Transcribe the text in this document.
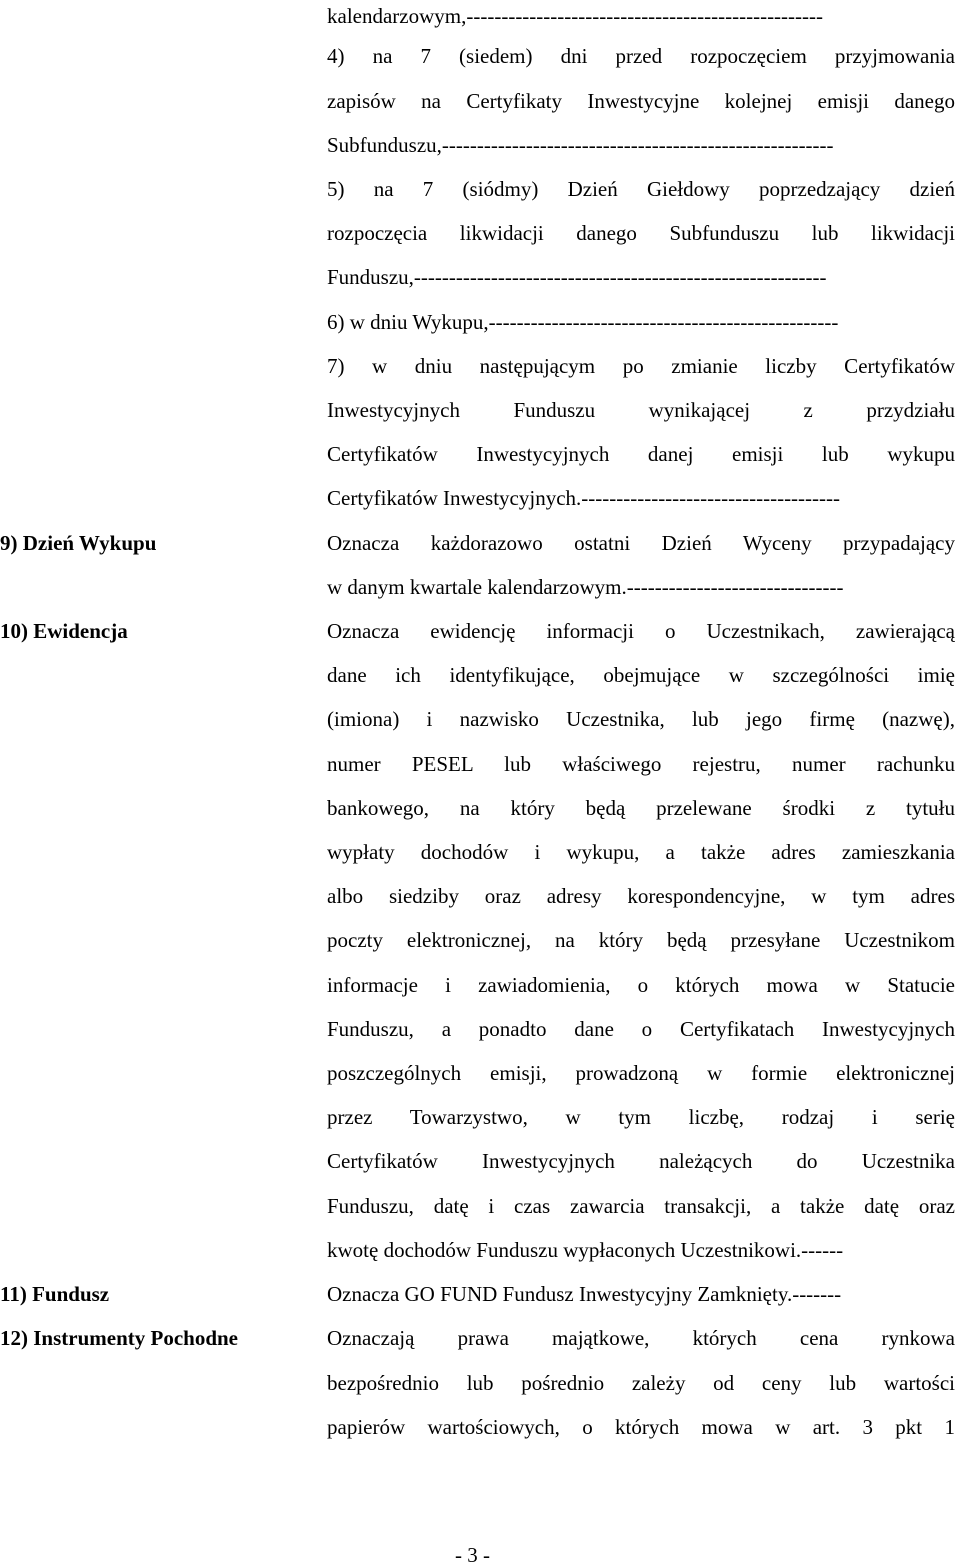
kalendarzowym,---------------------------------------------------
4) na 7 (siedem) dni przed rozpoczęciem przyjmowania
zapisów na Certyfikaty Inwestycyjne kolejnej emisji danego
Subfunduszu,--------------------------------------------------------
5) na 7 (siódmy) Dzień Giełdowy poprzedzający dzień
rozpoczęcia likwidacji danego Subfunduszu lub likwidacji
Funduszu,-----------------------------------------------------------
6) w dniu Wykupu,--------------------------------------------------
7) w dniu następującym po zmianie liczby Certyfikatów
Inwestycyjnych Funduszu wynikającej z przydziału
Certyfikatów Inwestycyjnych danej emisji lub wykupu
Certyfikatów Inwestycyjnych.-------------------------------------
Oznacza każdorazowo ostatni Dzień Wyceny przypadający
w danym kwartale kalendarzowym.-------------------------------
Oznacza ewidencję informacji o Uczestnikach, zawierającą
dane ich identyfikujące, obejmujące w szczególności imię
(imiona) i nazwisko Uczestnika, lub jego firmę (nazwę),
numer PESEL lub właściwego rejestru, numer rachunku
bankowego, na który będą przelewane środki z tytułu
wypłaty dochodów i wykupu, a także adres zamieszkania
albo siedziby oraz adresy korespondencyjne, w tym adres
poczty elektronicznej, na który będą przesyłane Uczestnikom
informacje i zawiadomienia, o których mowa w Statucie
Funduszu, a ponadto dane o Certyfikatach Inwestycyjnych
poszczególnych emisji, prowadzoną w formie elektronicznej
przez Towarzystwo, w tym liczbę, rodzaj i serię
Certyfikatów Inwestycyjnych należących do Uczestnika
Funduszu, datę i czas zawarcia transakcji, a także datę oraz
kwotę dochodów Funduszu wypłaconych Uczestnikowi.------
Oznacza GO FUND Fundusz Inwestycyjny Zamknięty.-------
Oznaczają prawa majątkowe, których cena rynkowa
bezpośrednio lub pośrednio zależy od ceny lub wartości
papierów wartościowych, o których mowa w art. 3 pkt 1
9) Dzień Wykupu
10) Ewidencja
11) Fundusz
12) Instrumenty Pochodne
- 3 -
